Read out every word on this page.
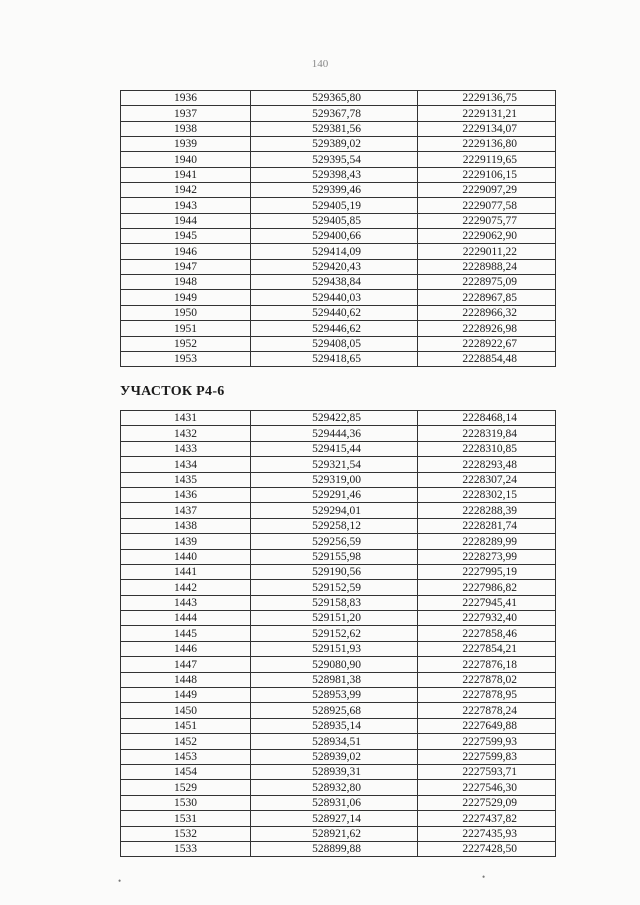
140
1936	529365,80	2229136,75
1937	529367,78	2229131,21
1938	529381,56	2229134,07
1939	529389,02	2229136,80
1940	529395,54	2229119,65
1941	529398,43	2229106,15
1942	529399,46	2229097,29
1943	529405,19	2229077,58
1944	529405,85	2229075,77
1945	529400,66	2229062,90
1946	529414,09	2229011,22
1947	529420,43	2228988,24
1948	529438,84	2228975,09
1949	529440,03	2228967,85
1950	529440,62	2228966,32
1951	529446,62	2228926,98
1952	529408,05	2228922,67
1953	529418,65	2228854,48
УЧАСТОК Р4-6
1431	529422,85	2228468,14
1432	529444,36	2228319,84
1433	529415,44	2228310,85
1434	529321,54	2228293,48
1435	529319,00	2228307,24
1436	529291,46	2228302,15
1437	529294,01	2228288,39
1438	529258,12	2228281,74
1439	529256,59	2228289,99
1440	529155,98	2228273,99
1441	529190,56	2227995,19
1442	529152,59	2227986,82
1443	529158,83	2227945,41
1444	529151,20	2227932,40
1445	529152,62	2227858,46
1446	529151,93	2227854,21
1447	529080,90	2227876,18
1448	528981,38	2227878,02
1449	528953,99	2227878,95
1450	528925,68	2227878,24
1451	528935,14	2227649,88
1452	528934,51	2227599,93
1453	528939,02	2227599,83
1454	528939,31	2227593,71
1529	528932,80	2227546,30
1530	528931,06	2227529,09
1531	528927,14	2227437,82
1532	528921,62	2227435,93
1533	528899,88	2227428,50
•	•
